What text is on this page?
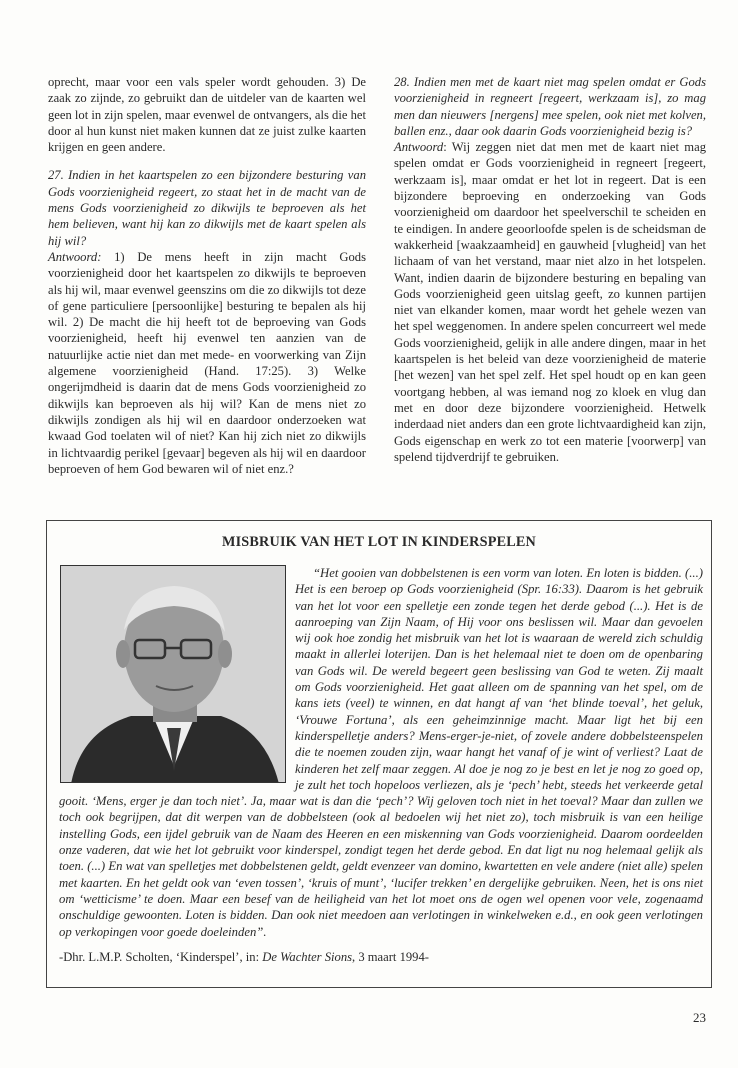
oprecht, maar voor een vals speler wordt gehouden. 3) De zaak zo zijnde, zo gebruikt dan de uitdeler van de kaarten wel geen lot in zijn spelen, maar evenwel de ontvangers, als die het door al hun kunst niet maken kunnen dat ze juist zulke kaarten krijgen en geen andere.

27. Indien in het kaartspelen zo een bijzondere besturing van Gods voorzienigheid regeert, zo staat het in de macht van de mens Gods voorzienigheid zo dikwijls te beproeven als het hem believen, want hij kan zo dikwijls met de kaart spelen als hij wil?
Antwoord: 1) De mens heeft in zijn macht Gods voorzienigheid door het kaartspelen zo dikwijls te beproeven als hij wil, maar evenwel geenszins om die zo dikwijls tot deze of gene particuliere [persoonlijke] besturing te bepalen als hij wil. 2) De macht die hij heeft tot de beproeving van Gods voorzienigheid, heeft hij evenwel ten aanzien van de natuurlijke actie niet dan met mede- en voorwerking van Zijn algemene voorzienigheid (Hand. 17:25). 3) Welke ongerijmdheid is daarin dat de mens Gods voorzienigheid zo dikwijls kan beproeven als hij wil? Kan de mens niet zo dikwijls zondigen als hij wil en daardoor onderzoeken wat kwaad God toelaten wil of niet? Kan hij zich niet zo dikwijls in lichtvaardig perikel [gevaar] begeven als hij wil en daardoor beproeven of hem God bewaren wil of niet enz.?

28. Indien men met de kaart niet mag spelen omdat er Gods voorzienigheid in regneert [regeert, werkzaam is], zo mag men dan nieuwers [nergens] mee spelen, ook niet met kolven, ballen enz., daar ook daarin Gods voorzienigheid bezig is?
Antwoord: Wij zeggen niet dat men met de kaart niet mag spelen omdat er Gods voorzienigheid in regneert [regeert, werkzaam is], maar omdat er het lot in regeert. Dat is een bijzondere beproeving en onderzoeking van Gods voorzienigheid om daardoor het speelverschil te scheiden en te eindigen. In andere geoorloofde spelen is de scheidsman de wakkerheid [waakzaamheid] en gauwheid [vlugheid] van het lichaam of van het verstand, maar niet alzo in het lotspelen. Want, indien daarin de bijzondere besturing en bepaling van Gods voorzienigheid geen uitslag geeft, zo kunnen partijen niet van elkander komen, maar wordt het gehele wezen van het spel weggenomen. In andere spelen concurreert wel mede Gods voorzienigheid, gelijk in alle andere dingen, maar in het kaartspelen is het beleid van deze voorzienigheid de materie [het wezen] van het spel zelf. Het spel houdt op en kan geen voortgang hebben, al was iemand nog zo kloek en vlug dan met en door deze bijzondere voorzienigheid. Hetwelk inderdaad niet anders dan een grote lichtvaardigheid kan zijn, Gods eigenschap en werk zo tot een materie [voorwerp] van spelend tijdverdrijf te gebruiken.

MISBRUIK VAN HET LOT IN KINDERSPELEN

“Het gooien van dobbelstenen is een vorm van loten. En loten is bidden. (...) Het is een beroep op Gods voorzienigheid (Spr. 16:33). Daarom is het gebruik van het lot voor een spelletje een zonde tegen het derde gebod (...). Het is de aanroeping van Zijn Naam, of Hij voor ons beslissen wil. Maar dan gevoelen wij ook hoe zondig het misbruik van het lot is waaraan de wereld zich schuldig maakt in allerlei loterijen. Dan is het helemaal niet te doen om de openbaring van Gods wil. De wereld begeert geen beslissing van God te weten. Zij maalt om Gods voorzienigheid. Het gaat alleen om de spanning van het spel, om de kans iets (veel) te winnen, en dat hangt af van ‘het blinde toeval’, het geluk, ‘Vrouwe Fortuna’, als een geheimzinnige macht. Maar ligt het bij een kinderspelletje anders? Mens-erger-je-niet, of zovele andere dobbelsteenspelen die te noemen zouden zijn, waar hangt het vanaf of je wint of verliest? Laat de kinderen het zelf maar zeggen. Al doe je nog zo je best en let je nog zo goed op, je zult het toch hopeloos verliezen, als je ‘pech’ hebt, steeds het verkeerde getal gooit. ‘Mens, erger je dan toch niet’. Ja, maar wat is dan die ‘pech’? Wij geloven toch niet in het toeval? Maar dan zullen we toch ook begrijpen, dat dit werpen van de dobbelsteen (ook al bedoelen wij het niet zo), toch misbruik is van een heilige instelling Gods, een ijdel gebruik van de Naam des Heeren en een miskenning van Gods voorzienigheid. Daarom oordeelden onze vaderen, dat wie het lot gebruikt voor kinderspel, zondigt tegen het derde gebod. En dat ligt nu nog helemaal gelijk als toen. (...) En wat van spelletjes met dobbelstenen geldt, geldt evenzeer van domino, kwartetten en vele andere (niet alle) spelen met kaarten. En het geldt ook van ‘even tossen’, ‘kruis of munt’, ‘lucifer trekken’ en dergelijke gebruiken. Neen, het is ons niet om ‘wetticisme’ te doen. Maar een besef van de heiligheid van het lot moet ons de ogen wel openen voor vele, zogenaamd onschuldige gewoonten. Loten is bidden. Dan ook niet meedoen aan verlotingen in winkelweken e.d., en ook geen verlotingen op verkopingen voor goede doeleinden”.

-Dhr. L.M.P. Scholten, ‘Kinderspel’, in: De Wachter Sions, 3 maart 1994-
23
